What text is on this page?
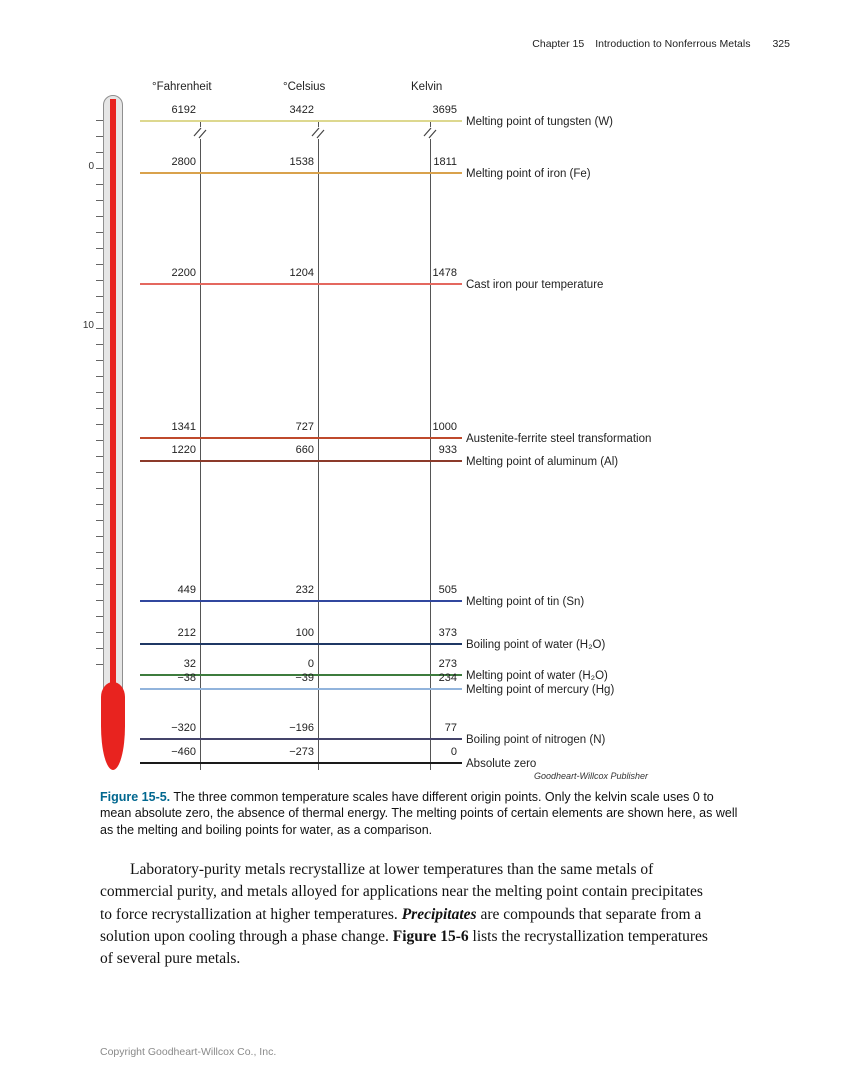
Chapter 15 Introduction to Nonferrous Metals 325
0
10
°Fahrenheit	°Celsius	Kelvin
6192	3422	3695
Melting point of tungsten (W)
2800	1538	1811
Melting point of iron (Fe)
2200	1204	1478
Cast iron pour temperature
1341	727	1000
Austenite-ferrite steel transformation
1220	660	933
Melting point of aluminum (Al)
449	232	505
Melting point of tin (Sn)
212	100	373
Boiling point of water (H₂O)
32	0	273
Melting point of water (H₂O)
−38	−39	234
Melting point of mercury (Hg)
−320	−196	77
Boiling point of nitrogen (N)
−460	−273	0
Absolute zero
Goodheart-Willcox Publisher
Figure 15-5. The three common temperature scales have different origin points. Only the kelvin scale uses 0 to mean absolute zero, the absence of thermal energy. The melting points of certain elements are shown here, as well as the melting and boiling points for water, as a comparison.

Laboratory-purity metals recrystallize at lower temperatures than the same metals of commercial purity, and metals alloyed for applications near the melting point contain precipitates to force recrystallization at higher temperatures. Precipitates are compounds that separate from a solution upon cooling through a phase change. Figure 15-6 lists the recrystallization temperatures of several pure metals.

Copyright Goodheart-Willcox Co., Inc.
